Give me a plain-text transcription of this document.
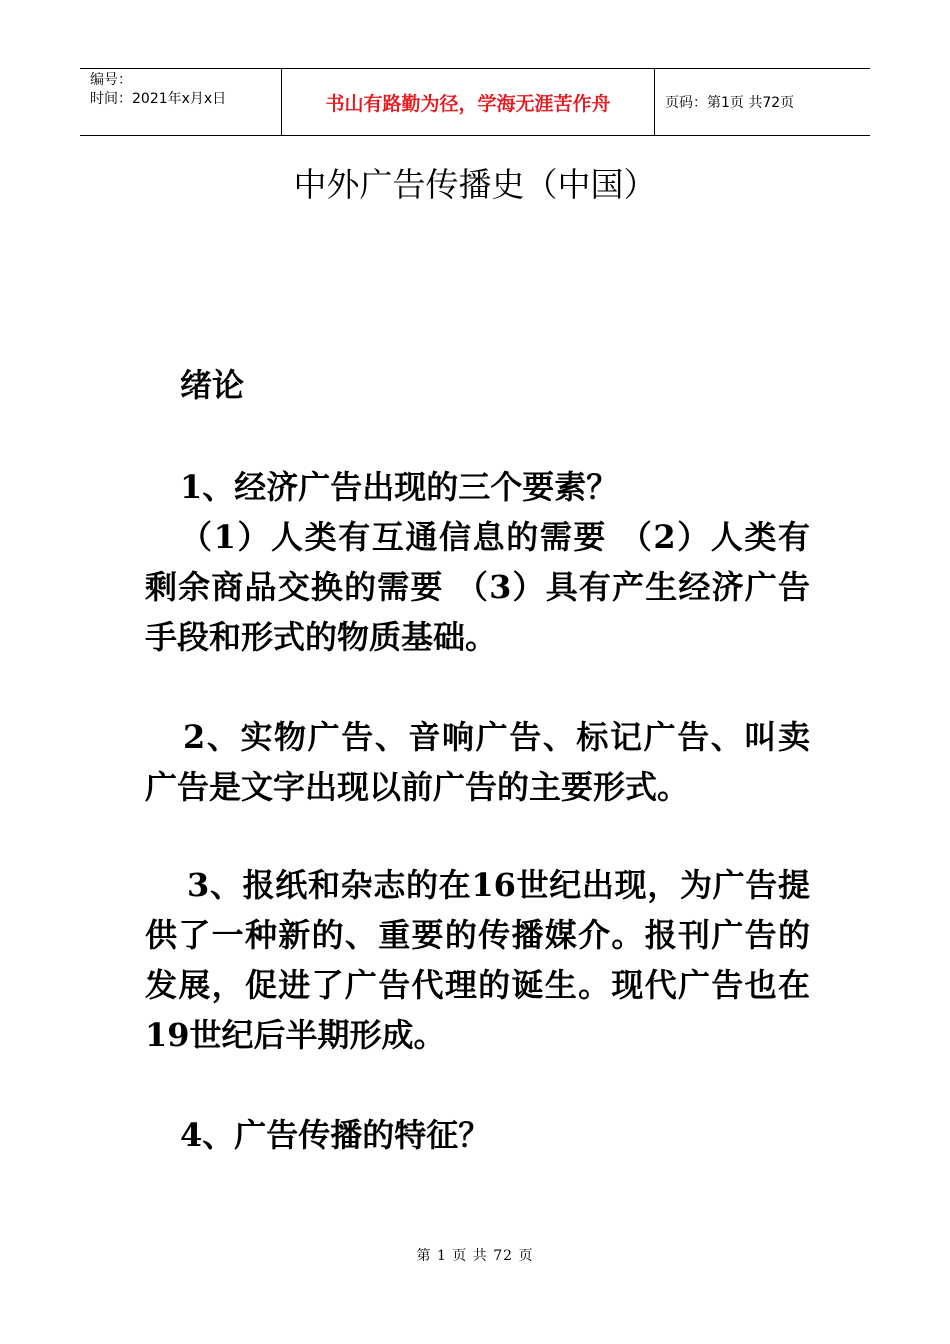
编号：
时间：2021年x月x日	书山有路勤为径，学海无涯苦作舟	页码：第1页 共72页
中外广告传播史（中国）

绪论

1、经济广告出现的三个要素？

（1）人类有互通信息的需要 （2）人类有剩余商品交换的需要 （3）具有产生经济广告手段和形式的物质基础。

2、实物广告、音响广告、标记广告、叫卖广告是文字出现以前广告的主要形式。

3、报纸和杂志的在16世纪出现，为广告提供了一种新的、重要的传播媒介。报刊广告的发展，促进了广告代理的诞生。现代广告也在19世纪后半期形成。

4、广告传播的特征？

第 1 页 共 72 页
